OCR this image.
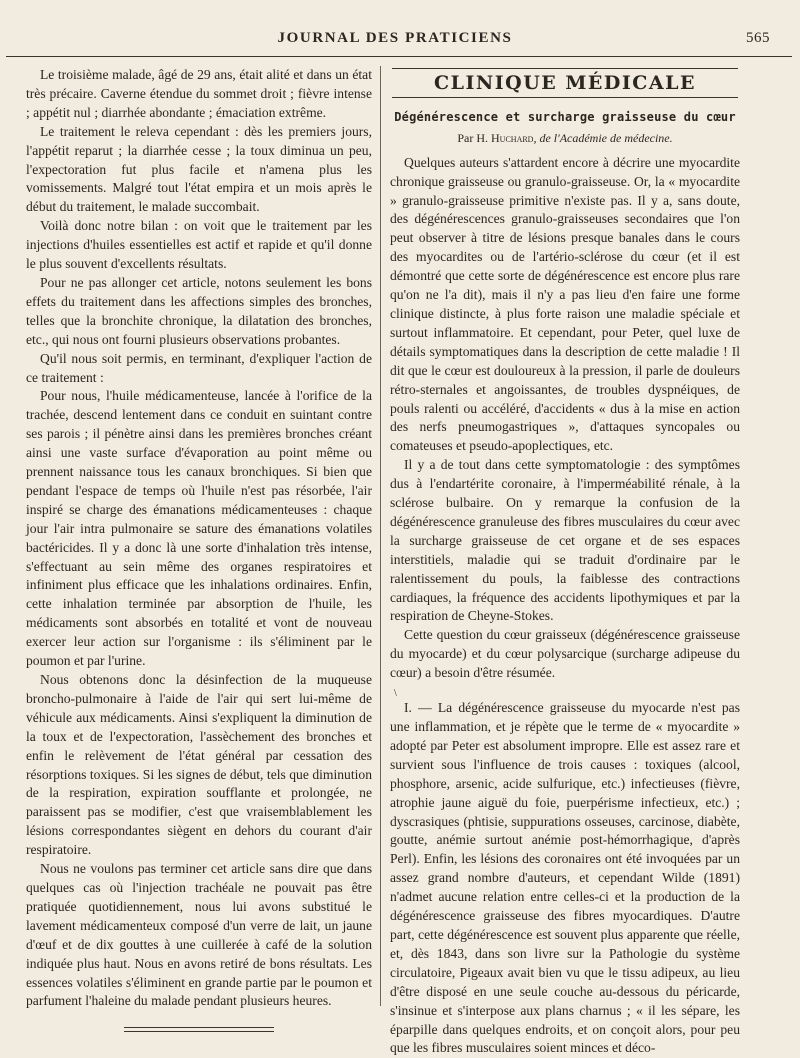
JOURNAL DES PRATICIENS	565

Le troisième malade, âgé de 29 ans, était alité et dans un état très précaire. Caverne étendue du sommet droit ; fièvre intense ; appétit nul ; diarrhée abondante ; émaciation extrême.

Le traitement le releva cependant : dès les premiers jours, l'appétit reparut ; la diarrhée cesse ; la toux diminua un peu, l'expectoration fut plus facile et n'amena plus les vomissements. Malgré tout l'état empira et un mois après le début du traitement, le malade succombait.

Voilà donc notre bilan : on voit que le traitement par les injections d'huiles essentielles est actif et rapide et qu'il donne le plus souvent d'excellents résultats.

Pour ne pas allonger cet article, notons seulement les bons effets du traitement dans les affections simples des bronches, telles que la bronchite chronique, la dilatation des bronches, etc., qui nous ont fourni plusieurs observations probantes.

Qu'il nous soit permis, en terminant, d'expliquer l'action de ce traitement :

Pour nous, l'huile médicamenteuse, lancée à l'orifice de la trachée, descend lentement dans ce conduit en suintant contre ses parois ; il pénètre ainsi dans les premières bronches créant ainsi une vaste surface d'évaporation au point même ou prennent naissance tous les canaux bronchiques. Si bien que pendant l'espace de temps où l'huile n'est pas résorbée, l'air inspiré se charge des émanations médicamenteuses : chaque jour l'air intra pulmonaire se sature des émanations volatiles bactéricides. Il y a donc là une sorte d'inhalation très intense, s'effectuant au sein même des organes respiratoires et infiniment plus efficace que les inhalations ordinaires. Enfin, cette inhalation terminée par absorption de l'huile, les médicaments sont absorbés en totalité et vont de nouveau exercer leur action sur l'organisme : ils s'éliminent par le poumon et par l'urine.

Nous obtenons donc la désinfection de la muqueuse broncho-pulmonaire à l'aide de l'air qui sert lui-même de véhicule aux médicaments. Ainsi s'expliquent la diminution de la toux et de l'expectoration, l'assèchement des bronches et enfin le relèvement de l'état général par cessation des résorptions toxiques. Si les signes de début, tels que diminution de la respiration, expiration soufflante et prolongée, ne paraissent pas se modifier, c'est que vraisemblablement les lésions correspondantes siègent en dehors du courant d'air respiratoire.

Nous ne voulons pas terminer cet article sans dire que dans quelques cas où l'injection trachéale ne pouvait pas être pratiquée quotidiennement, nous lui avons substitué le lavement médicamenteux composé d'un verre de lait, un jaune d'œuf et de dix gouttes à une cuillerée à café de la solution indiquée plus haut. Nous en avons retiré de bons résultats. Les essences volatiles s'éliminent en grande partie par le poumon et parfument l'haleine du malade pendant plusieurs heures.

CLINIQUE MÉDICALE
Dégénérescence et surcharge graisseuse du cœur
Par H. Huchard, de l'Académie de médecine.

Quelques auteurs s'attardent encore à décrire une myocardite chronique graisseuse ou granulo-graisseuse. Or, la « myocardite » granulo-graisseuse primitive n'existe pas. Il y a, sans doute, des dégénérescences granulo-graisseuses secondaires que l'on peut observer à titre de lésions presque banales dans le cours des myocardites ou de l'artério-sclérose du cœur (et il est démontré que cette sorte de dégénérescence est encore plus rare qu'on ne l'a dit), mais il n'y a pas lieu d'en faire une forme clinique distincte, à plus forte raison une maladie spéciale et surtout inflammatoire. Et cependant, pour Peter, quel luxe de détails symptomatiques dans la description de cette maladie ! Il dit que le cœur est douloureux à la pression, il parle de douleurs rétro-sternales et angoissantes, de troubles dyspnéiques, de pouls ralenti ou accéléré, d'accidents « dus à la mise en action des nerfs pneumogastriques », d'attaques syncopales ou comateuses et pseudo-apoplectiques, etc.

Il y a de tout dans cette symptomatologie : des symptômes dus à l'endartérite coronaire, à l'imperméabilité rénale, à la sclérose bulbaire. On y remarque la confusion de la dégénérescence granuleuse des fibres musculaires du cœur avec la surcharge graisseuse de cet organe et de ses espaces interstitiels, maladie qui se traduit d'ordinaire par le ralentissement du pouls, la faiblesse des contractions cardiaques, la fréquence des accidents lipothymiques et par la respiration de Cheyne-Stokes.

Cette question du cœur graisseux (dégénérescence graisseuse du myocarde) et du cœur polysarcique (surcharge adipeuse du cœur) a besoin d'être résumée.

\

I. — La dégénérescence graisseuse du myocarde n'est pas une inflammation, et je répète que le terme de « myocardite » adopté par Peter est absolument impropre. Elle est assez rare et survient sous l'influence de trois causes : toxiques (alcool, phosphore, arsenic, acide sulfurique, etc.) infectieuses (fièvre, atrophie jaune aiguë du foie, puerpérisme infectieux, etc.) ; dyscrasiques (phtisie, suppurations osseuses, carcinose, diabète, goutte, anémie surtout anémie post-hémorrhagique, d'après Perl). Enfin, les lésions des coronaires ont été invoquées par un assez grand nombre d'auteurs, et cependant Wilde (1891) n'admet aucune relation entre celles-ci et la production de la dégénérescence graisseuse des fibres myocardiques. D'autre part, cette dégénérescence est souvent plus apparente que réelle, et, dès 1843, dans son livre sur la Pathologie du système circulatoire, Pigeaux avait bien vu que le tissu adipeux, au lieu d'être disposé en une seule couche au-dessous du péricarde, s'insinue et s'interpose aux plans charnus ; « il les sépare, les éparpille dans quelques endroits, et on conçoit alors, pour peu que les fibres musculaires soient minces et déco-
